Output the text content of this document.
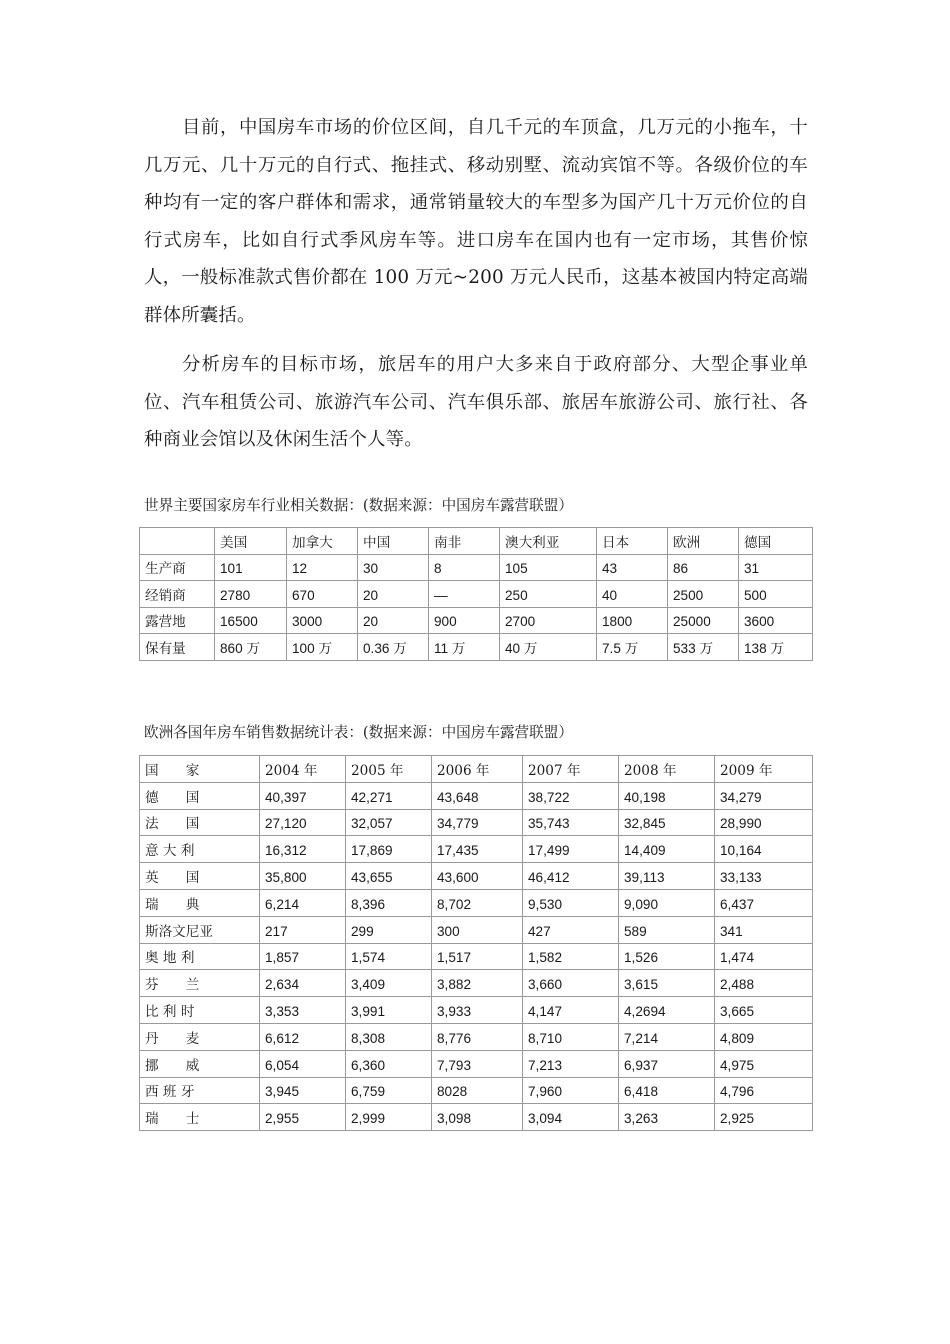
目前，中国房车市场的价位区间，自几千元的车顶盒，几万元的小拖车，十几万元、几十万元的自行式、拖挂式、移动别墅、流动宾馆不等。各级价位的车种均有一定的客户群体和需求，通常销量较大的车型多为国产几十万元价位的自行式房车，比如自行式季风房车等。进口房车在国内也有一定市场，其售价惊人，一般标准款式售价都在 100 万元~200 万元人民币，这基本被国内特定高端群体所囊括。

分析房车的目标市场，旅居车的用户大多来自于政府部分、大型企事业单位、汽车租赁公司、旅游汽车公司、汽车俱乐部、旅居车旅游公司、旅行社、各种商业会馆以及休闲生活个人等。

世界主要国家房车行业相关数据：(数据来源：中国房车露营联盟）
	美国	加拿大	中国	南非	澳大利亚	日本	欧洲	德国
生产商	101	12	30	8	105	43	86	31
经销商	2780	670	20	—	250	40	2500	500
露营地	16500	3000	20	900	2700	1800	25000	3600
保有量	860 万	100 万	0.36 万	11 万	40 万	7.5 万	533 万	138 万
欧洲各国年房车销售数据统计表：(数据来源：中国房车露营联盟）
国　　家	2004 年	2005 年	2006 年	2007 年	2008 年	2009 年
德　　国	40,397	42,271	43,648	38,722	40,198	34,279
法　　国	27,120	32,057	34,779	35,743	32,845	28,990
意 大 利	16,312	17,869	17,435	17,499	14,409	10,164
英　　国	35,800	43,655	43,600	46,412	39,113	33,133
瑞　　典	6,214	8,396	8,702	9,530	9,090	6,437
斯洛文尼亚	217	299	300	427	589	341
奥 地 利	1,857	1,574	1,517	1,582	1,526	1,474
芬　　兰	2,634	3,409	3,882	3,660	3,615	2,488
比 利 时	3,353	3,991	3,933	4,147	4,2694	3,665
丹　　麦	6,612	8,308	8,776	8,710	7,214	4,809
挪　　威	6,054	6,360	7,793	7,213	6,937	4,975
西 班 牙	3,945	6,759	8028	7,960	6,418	4,796
瑞　　士	2,955	2,999	3,098	3,094	3,263	2,925
